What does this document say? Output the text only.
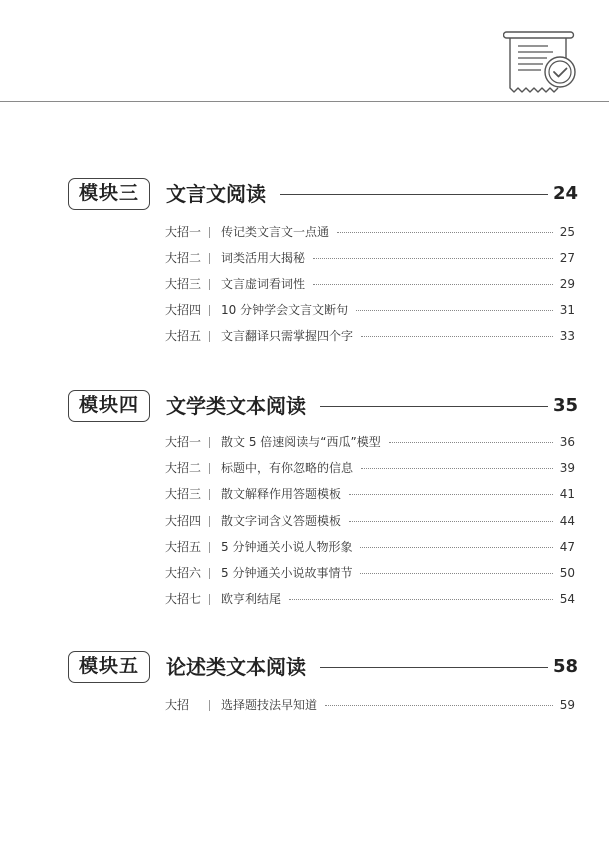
模块三	文言文阅读	24
大招一 传记类文言文一点通	25
大招二 词类活用大揭秘	27
大招三 文言虚词看词性	29
大招四 10 分钟学会文言文断句	31
大招五 文言翻译只需掌握四个字	33
模块四	文学类文本阅读	35
大招一 散文 5 倍速阅读与“西瓜”模型	36
大招二 标题中，有你忽略的信息	39
大招三 散文解释作用答题模板	41
大招四 散文字词含义答题模板	44
大招五 5 分钟通关小说人物形象	47
大招六 5 分钟通关小说故事情节	50
大招七 欧亨利结尾	54
模块五	论述类文本阅读	58
大招	选择题技法早知道	59
